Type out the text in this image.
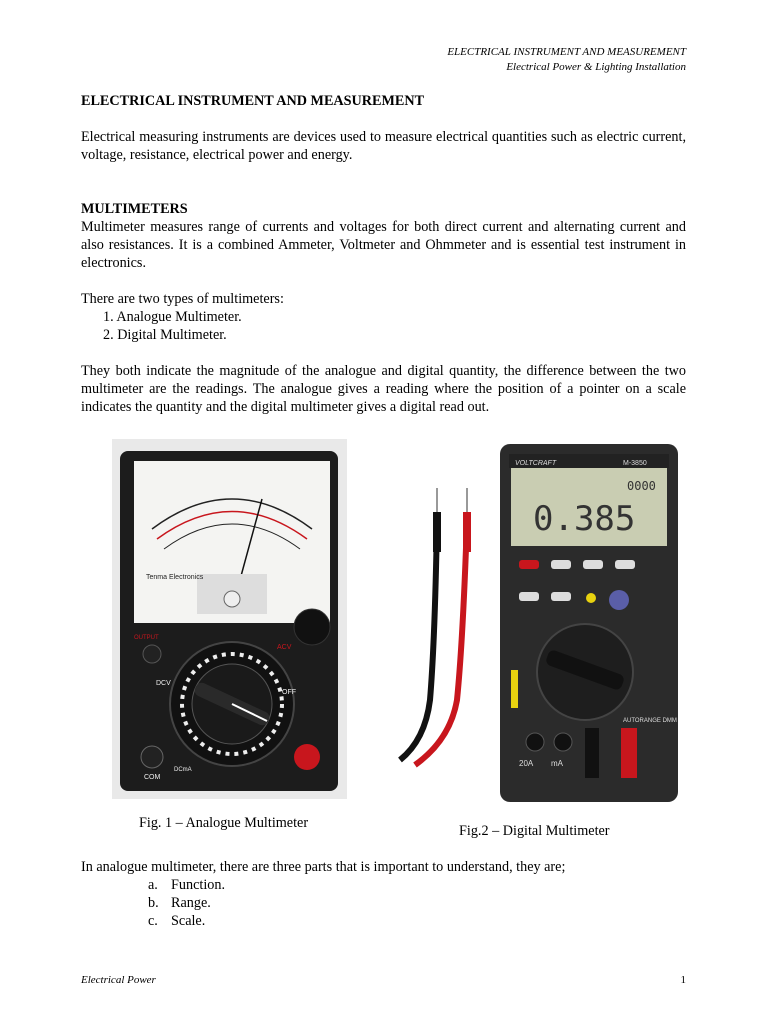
ELECTRICAL INSTRUMENT AND MEASUREMENT
Electrical Power & Lighting Installation
ELECTRICAL INSTRUMENT AND MEASUREMENT

Electrical measuring instruments are devices used to measure electrical quantities such as electric current, voltage, resistance, electrical power and energy.

MULTIMETERS

Multimeter measures range of currents and voltages for both direct current and alternating current and also resistances. It is a combined Ammeter, Voltmeter and Ohmmeter and is essential test instrument in electronics.

There are two types of multimeters:

1. Analogue Multimeter.
2. Digital Multimeter.

They both indicate the magnitude of the analogue and digital quantity, the difference between the two multimeter are the readings. The analogue gives a reading where the position of a pointer on a scale indicates the quantity and the digital multimeter gives a digital read out.

Tenma Electronics
OFF
DCV
ACV
OUTPUT
COM
DCmA
Fig. 1 – Analogue Multimeter
VOLTCRAFT	M-3850
0000
0.385
AUTORANGE DMM
20A mA
Fig.2 – Digital Multimeter

In analogue multimeter, there are three parts that is important to understand, they are;

a. Function.
b. Range.
c. Scale.
Electrical Power	1
